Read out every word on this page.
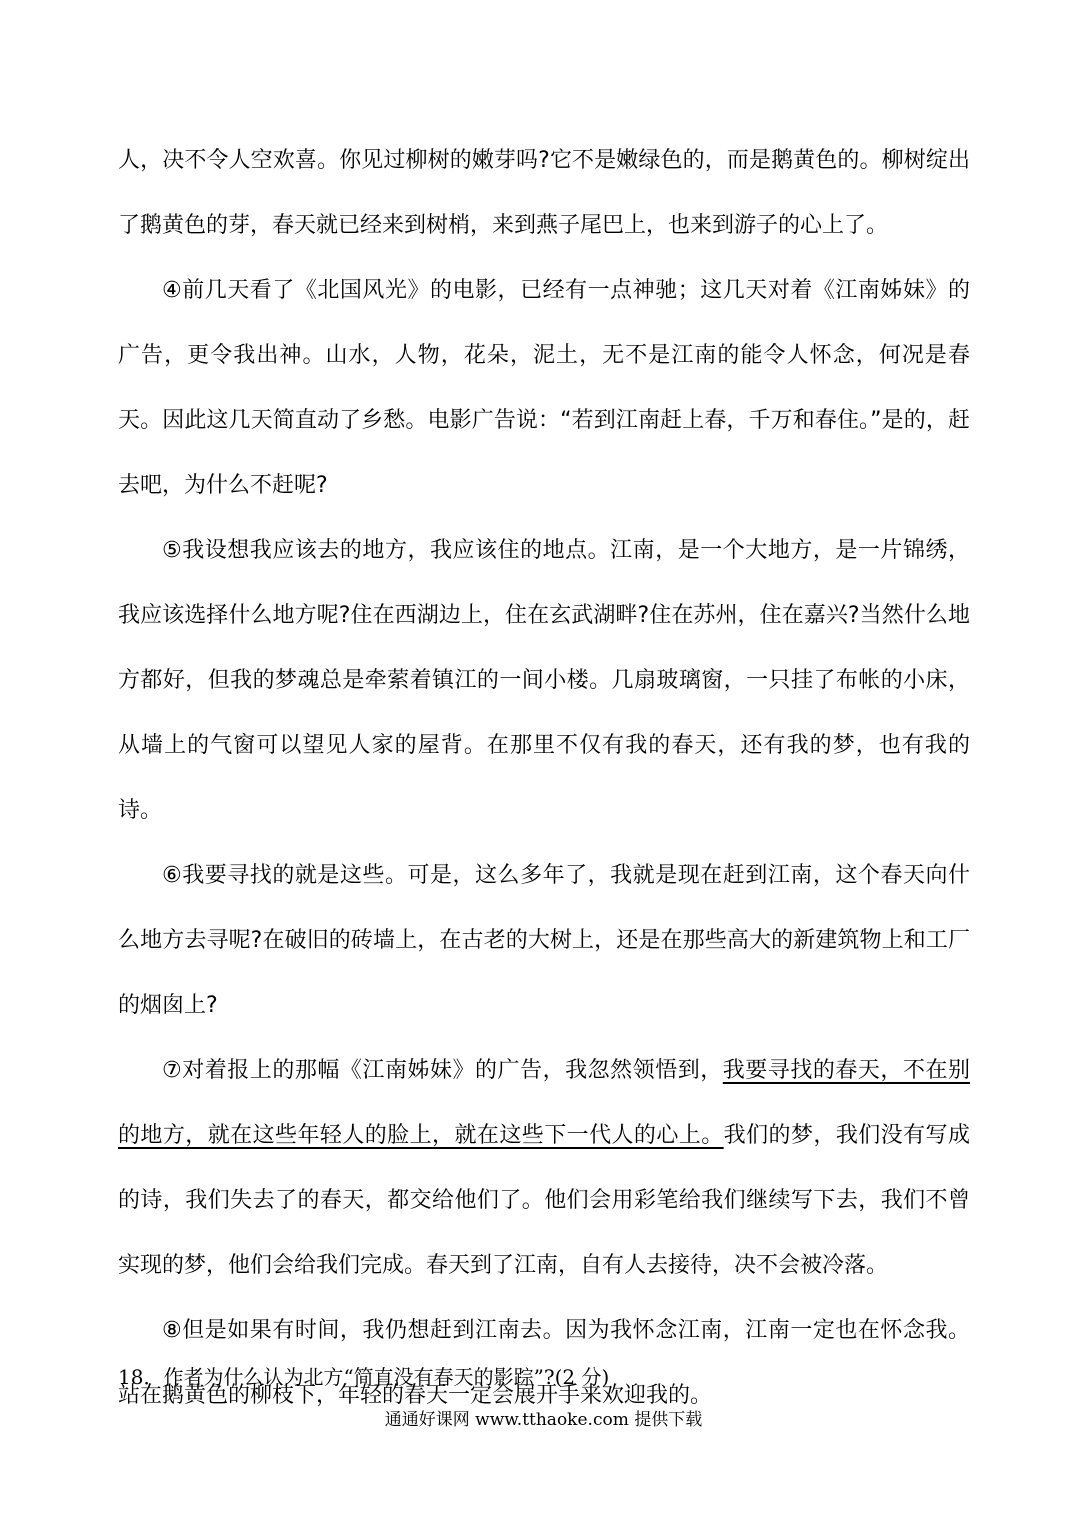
人，决不令人空欢喜。你见过柳树的嫩芽吗?它不是嫩绿色的，而是鹅黄色的。柳树绽出了鹅黄色的芽，春天就已经来到树梢，来到燕子尾巴上，也来到游子的心上了。

④前几天看了《北国风光》的电影，已经有一点神驰；这几天对着《江南姊妹》的广告，更令我出神。山水，人物，花朵，泥土，无不是江南的能令人怀念，何况是春天。因此这几天简直动了乡愁。电影广告说：“若到江南赶上春，千万和春住。”是的，赶去吧，为什么不赶呢?

⑤我设想我应该去的地方，我应该住的地点。江南，是一个大地方，是一片锦绣，我应该选择什么地方呢?住在西湖边上，住在玄武湖畔?住在苏州，住在嘉兴?当然什么地方都好，但我的梦魂总是牵萦着镇江的一间小楼。几扇玻璃窗，一只挂了布帐的小床，从墙上的气窗可以望见人家的屋背。在那里不仅有我的春天，还有我的梦，也有我的诗。

⑥我要寻找的就是这些。可是，这么多年了，我就是现在赶到江南，这个春天向什么地方去寻呢?在破旧的砖墙上，在古老的大树上，还是在那些高大的新建筑物上和工厂的烟囱上?

⑦对着报上的那幅《江南姊妹》的广告，我忽然领悟到，我要寻找的春天，不在别的地方，就在这些年轻人的脸上，就在这些下一代人的心上。我们的梦，我们没有写成的诗，我们失去了的春天，都交给他们了。他们会用彩笔给我们继续写下去，我们不曾实现的梦，他们会给我们完成。春天到了江南，自有人去接待，决不会被冷落。

⑧但是如果有时间，我仍想赶到江南去。因为我怀念江南，江南一定也在怀念我。站在鹅黄色的柳枝下，年轻的春天一定会展开手来欢迎我的。

18．作者为什么认为北方“简直没有春天的影踪”?(2 分)
通通好课网 www.tthaoke.com 提供下载
